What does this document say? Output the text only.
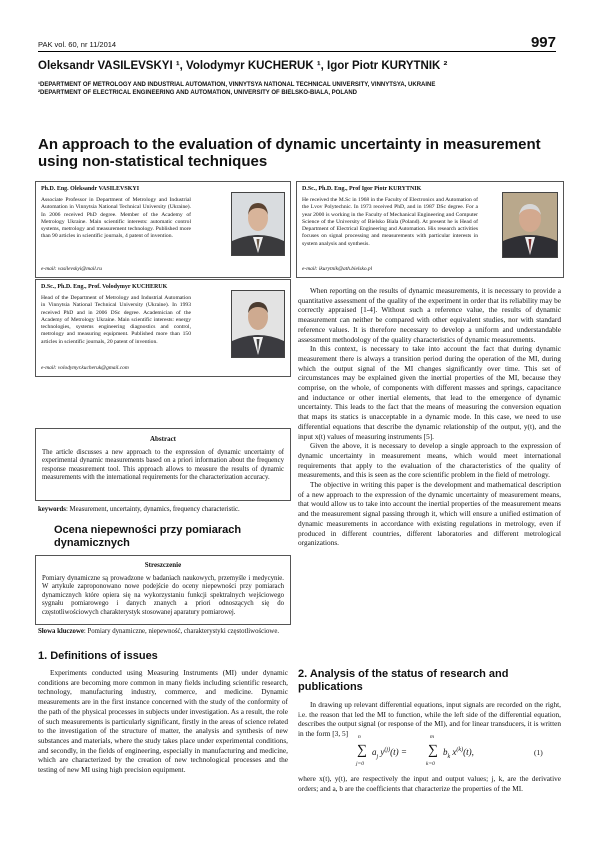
PAK vol. 60, nr 11/2014	997
Oleksandr VASILEVSKYI ¹, Volodymyr KUCHERUK ¹, Igor Piotr KURYTNIK ²
¹DEPARTMENT OF METROLOGY AND INDUSTRIAL AUTOMATION, VINNYTSYA NATIONAL TECHNICAL UNIVERSITY, VINNYTSYA, UKRAINE
²DEPARTMENT OF ELECTRICAL ENGINEERING AND AUTOMATION, UNIVERSITY OF BIELSKO-BIALA, POLAND
An approach to the evaluation of dynamic uncertainty in measurement using non-statistical techniques
Ph.D. Eng. Oleksandr VASILEVSKYI
Associate Professor in Department of Metrology and Industrial Automation in Vinnytsia National Technical University (Ukraine). In 2006 received PhD degree. Member of the Academy of Metrology Ukraine. Main scientific interests: automatic control systems, metrology and measurement technology. Published more than 90 articles in scientific journals, 4 patent of invention.
e-mail: vasilevskyi@mail.ru
D.Sc., Ph.D. Eng., Prof Igor Piotr KURYTNIK
He received the M.Sc in 1968 in the Faculty of Electronics and Automation of the Lvov Polytechnic. In 1973 received PhD, and in 1987 DSc degree. For a year 2000 is working in the Faculty of Mechanical Engineering and Computer Science of the University of Bielsko Biala (Poland). At present he is Head of Department of Electrical Engineering and Automation. His research activities focuses on signal processing and measurements with particular interests in system analysis and synthesis.
e-mail: ikurytnik@ath.bielsko.pl
D.Sc., Ph.D. Eng., Prof. Volodymyr KUCHERUK
Head of the Department of Metrology and Industrial Automation in Vinnytsia National Technical University (Ukraine). In 1993 received PhD and in 2006 DSc degree. Academician of the Academy of Metrology Ukraine. Main scientific interests: energy technologies, systems engineering diagnostics and control, metrology and measuring equipment. Published more than 150 articles in scientific journals, 20 patent of invention.
e-mail: volodymyr.kucheruk@gmail.com
Abstract
The article discusses a new approach to the expression of dynamic uncertainty of experimental dynamic measurements based on a priori information about the frequency response measurement tool. This approach allows to measure the results of dynamic measurements with the international requirements for the characterization accuracy.
keywords: Measurement, uncertainty, dynamics, frequency characteristic.
Ocena niepewności przy pomiarach dynamicznych
Streszczenie
Pomiary dynamiczne są prowadzone w badaniach naukowych, przemyśle i medycynie. W artykule zaproponowano nowe podejście do oceny niepewności przy pomiarach dynamicznych które opiera się na wykorzystaniu funkcji spektralnych wejściowego sygnału pomiarowego i danych znanych a priori odnoszących się do częstotliwościowych charakterystyk stosowanej aparatury pomiarowej.
Słowa kluczowe: Pomiary dynamiczne, niepewność, charakterystyki częstotliwościowe.
1. Definitions of issues
Experiments conducted using Measuring Instruments (MI) under dynamic conditions are becoming more common in many fields including scientific research, technology, manufacturing industry, commerce, and medicine. Dynamic measurements are in the first instance concerned with the study of the conformity of the path of the physical processes in subjects under investigation. As a result, the role of such measurements is particularly significant, firstly in the areas of science related to the investigation of the structure of matter, the analysis and synthesis of new substances and materials, where the study takes place under experimental conditions, and secondly, in the fields of engineering, especially in manufacturing and medicine, which are characterized by the creation of new technological processes and the testing of new MI using high precision equipment.
When reporting on the results of dynamic measurements, it is necessary to provide a quantitative assessment of the quality of the experiment in order that its reliability may be correctly appraised [1-4]. Without such a reference value, the results of dynamic measurement can neither be compared with other equivalent studies, nor with standard reference values. It is therefore necessary to develop a uniform and understandable assessment methodology of the quality characteristics of dynamic measurements.
In this context, is necessary to take into account the fact that during dynamic measurement there is always a transition period during the operation of the MI, during which the output signal of the MI changes significantly over time. This set of circumstances may be explained given the inertial properties of the MI, because they comprise, on the whole, of components with different masses and springs, capacitance and inductance or other inertial elements, that lead to the emergence of dynamic uncertainty. This leads to the fact that the means of measuring the conversion equation that maps its statics is unacceptable in a dynamic mode. In this case, we need to use differential equations that describe the dynamic relationship of the output, y(t), and the input x(t) values of measuring instruments [5].
Given the above, it is necessary to develop a single approach to the expression of dynamic uncertainty in measurement means, which would meet international requirements that apply to the evaluation of the characteristics of the quality of measurements, and this is seen as the core scientific problem in the field of metrology.
The objective in writing this paper is the development and mathematical description of a new approach to the expression of the dynamic uncertainty of measurement means, that would allow us to take into account the inertial properties of the measurement means and the measurement signal passing through it, which will ensure a unified estimation of dynamic measurements in accordance with existing regulations in metrology, even if produced in different countries, different laboratories and different metrological organizations.
2. Analysis of the status of research and publications
In drawing up relevant differential equations, input signals are recorded on the right, i.e. the reason that led the MI to function, while the left side of the differential equation, describes the output signal (or response of the MI), and for linear transducers, it is written in the form [3, 5]	n
∑
j=0
$a_j$ $y^{(j)}(t)$ =
m
∑
k=0
$b_k$ $x^{(k)}(t)$,	(1)
where x(t), y(t), are respectively the input and output values; j, k, are the derivative orders; and a, b are the coefficients that characterize the properties of the MI.
